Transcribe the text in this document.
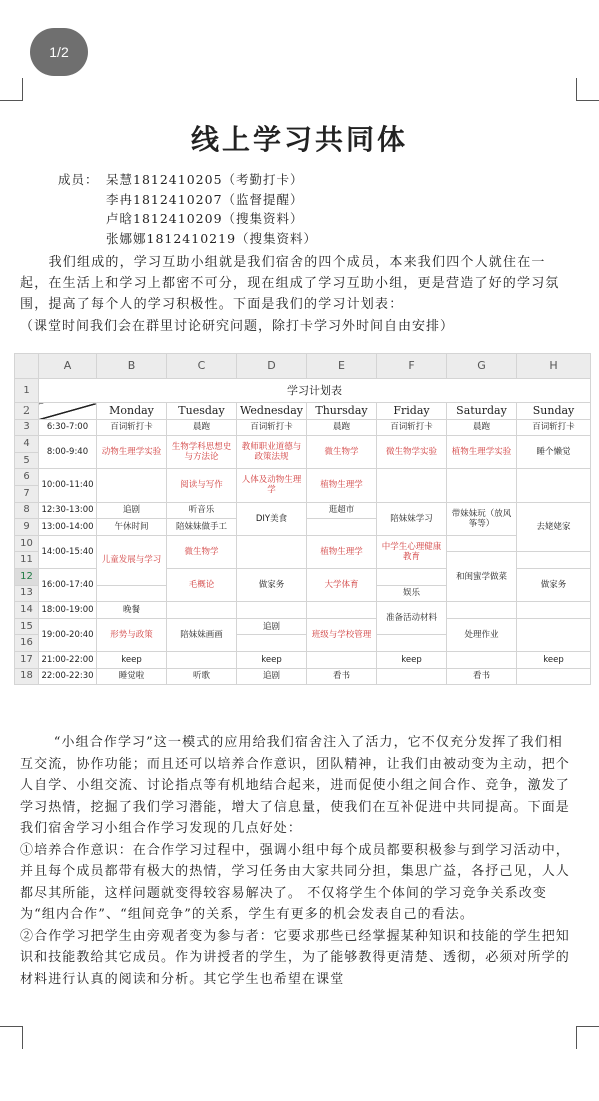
1/2
线上学习共同体
成员： 呆慧1812410205（考勤打卡）
李冉1812410207（监督提醒）
卢晗1812410209（搜集资料）
张娜娜1812410219（搜集资料）
我们组成的，学习互助小组就是我们宿舍的四个成员，本来我们四个人就住在一起，在生活上和学习上都密不可分，现在组成了学习互助小组，更是营造了好的学习氛围，提高了每个人的学习积极性。下面是我们的学习计划表：
（课堂时间我们会在群里讨论研究问题，除打卡学习外时间自由安排）
	A	B	C	D	E	F	G	H
1	学习计划表							
2		Monday	Tuesday	Wednesday	Thursday	Friday	Saturday	Sunday
3	6:30-7:00	百词斩打卡	晨跑	百词斩打卡	晨跑	百词斩打卡	晨跑	百词斩打卡
4	8:00-9:40	动物生理学实验	生物学科思想史与方法论	教师职业道德与政策法规	微生物学	微生物学实验	植物生理学实验	睡个懒觉
5								
6	10:00-11:40		阅读与写作	人体及动物生理学	植物生理学			
7								
8	12:30-13:00	追剧	听音乐	DIY美食	逛超市	陪妹妹学习	带妹妹玩（放风筝等）	去姥姥家
9	13:00-14:00	午休时间	陪妹妹做手工					
10	14:00-15:40	儿童发展与学习	微生物学		植物生理学	中学生心理健康教育		
11							和闺蜜学做菜	
12	16:00-17:40		毛概论	做家务	大学体育			做家务
13						娱乐		
14	18:00-19:00	晚餐				准备活动材料		
15	19:00-20:40	形势与政策	陪妹妹画画	追剧	班级与学校管理		处理作业	
16								
17	21:00-22:00	keep		keep		keep		keep
18	22:00-22:30	睡觉啦	听歌	追剧	看书		看书	

“小组合作学习”这一模式的应用给我们宿舍注入了活力，它不仅充分发挥了我们相互交流，协作功能；而且还可以培养合作意识，团队精神，让我们由被动变为主动，把个人自学、小组交流、讨论指点等有机地结合起来，进而促使小组之间合作、竞争，激发了学习热情，挖掘了我们学习潜能，增大了信息量，使我们在互补促进中共同提高。下面是我们宿舍学习小组合作学习发现的几点好处：

①培养合作意识：在合作学习过程中，强调小组中每个成员都要积极参与到学习活动中，并且每个成员都带有极大的热情，学习任务由大家共同分担，集思广益，各抒己见，人人都尽其所能，这样问题就变得较容易解决了。 不仅将学生个体间的学习竞争关系改变为“组内合作”、“组间竞争”的关系，学生有更多的机会发表自己的看法。

②合作学习把学生由旁观者变为参与者：它要求那些已经掌握某种知识和技能的学生把知识和技能教给其它成员。作为讲授者的学生，为了能够教得更清楚、透彻，必须对所学的材料进行认真的阅读和分析。其它学生也希望在课堂
